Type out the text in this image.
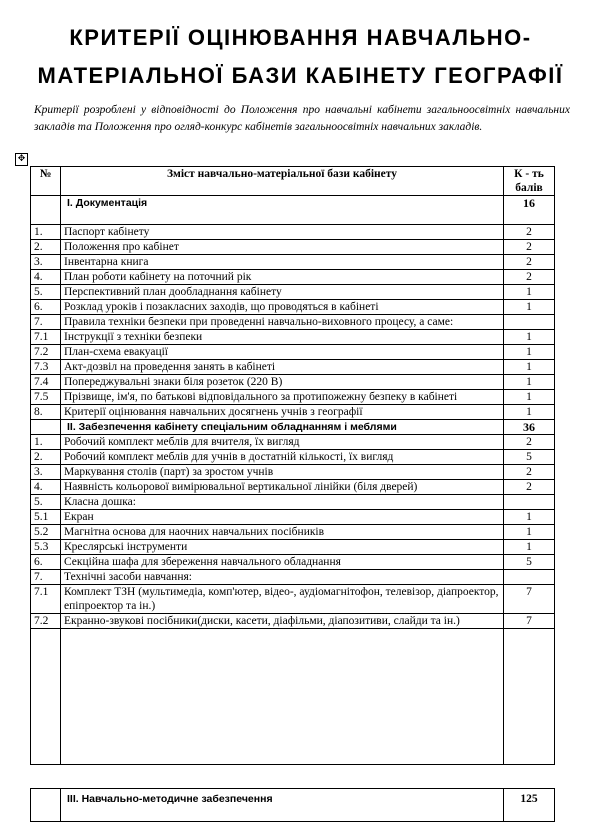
КРИТЕРІЇ ОЦІНЮВАННЯ НАВЧАЛЬНО-
МАТЕРІАЛЬНОЇ БАЗИ КАБІНЕТУ ГЕОГРАФІЇ
Критерії розроблені у відповідності до Положення про навчальні кабінети загальноосвітніх навчальних закладів та Положення про огляд-конкурс кабінетів загальноосвітніх навчальних закладів.
✥
№	Зміст навчально-матеріальної бази кабінету	К - ть балів
	І. Документація	16
1.	Паспорт кабінету	2
2.	Положення про кабінет	2
3.	Інвентарна книга	2
4.	План роботи кабінету на поточний рік	2
5.	Перспективний план дообладнання кабінету	1
6.	Розклад уроків і позакласних заходів, що проводяться в кабінеті	1
7.	Правила техніки безпеки при проведенні навчально-виховного процесу, а саме:	
7.1	Інструкції з техніки безпеки	1
7.2	План-схема евакуації	1
7.3	Акт-дозвіл на проведення занять в кабінеті	1
7.4	Попереджувальні знаки біля розеток (220 В)	1
7.5	Прізвище, ім'я, по батькові відповідального за протипожежну безпеку в кабінеті	1
8.	Критерії оцінювання навчальних досягнень учнів з географії	1
	ІІ. Забезпечення кабінету спеціальним обладнанням і меблями	36
1.	Робочий комплект меблів для вчителя, їх вигляд	2
2.	Робочий комплект меблів для учнів в достатній кількості, їх вигляд	5
3.	Маркування столів (парт) за зростом учнів	2
4.	Наявність кольорової вимірювальної вертикальної лінійки (біля дверей)	2
5.	Класна дошка:	
5.1	Екран	1
5.2	Магнітна основа для наочних навчальних посібників	1
5.3	Креслярські інструменти	1
6.	Секційна шафа для збереження навчального обладнання	5
7.	Технічні засоби навчання:	
7.1	Комплект ТЗН (мультимедіа, комп'ютер, відео-, аудіомагнітофон, телевізор, діапроектор, епіпроектор та ін.)	7
7.2	Екранно-звукові посібники(диски, касети, діафільми, діапозитиви, слайди та ін.)	7

	ІІІ. Навчально-методичне забезпечення	125
